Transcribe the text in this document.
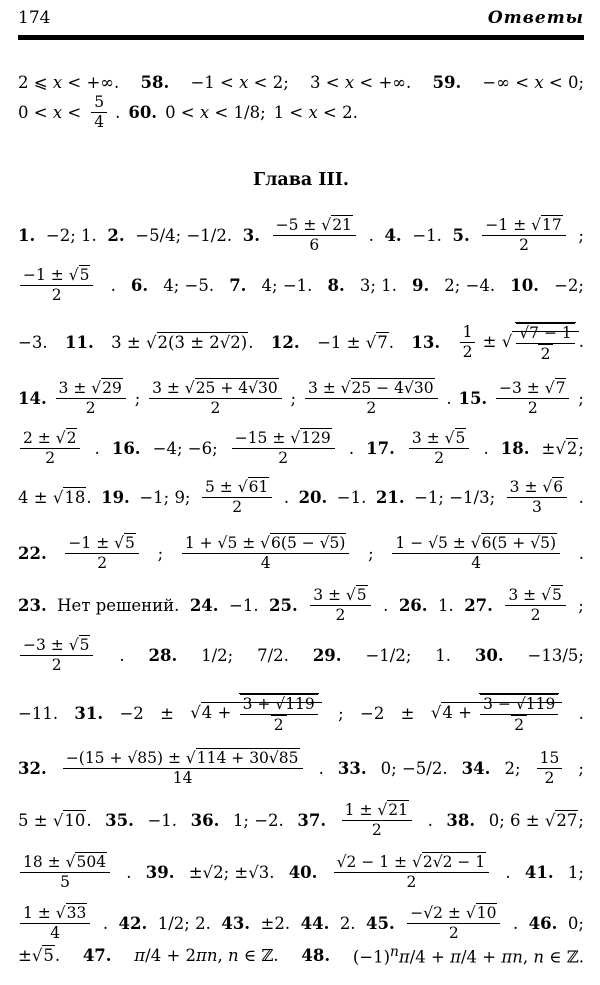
174	Ответы
2 ⩽ x < +∞. 58. −1 < x < 2; 3 < x < +∞. 59. −∞ < x < 0;
0 < x <
5
4
. 60. 0 < x < 1/8; 1 < x < 2.
Глава III.
1. −2; 1. 2. −5/4; −1/2. 3.
−5 ± √ 21
6
. 4. −1. 5.
−1 ± √ 17
2
;
−1 ± √ 5
2
. 6. 4; −5. 7. 4; −1. 8. 3; 1. 9. 2; −4. 10. −2;
−3. 11. 3 ± √ 2(3 ± 2√2). 12. −1 ± √ 7. 13. $\frac{1}{2}$ ± √ $\frac{√7 - 1}{2}$ .
14.
3 ± √ 29
2
;
3 ± √ 25 + 4√30
2
;
3 ± √ 25 − 4√30
2
. 15.
−3 ± √ 7
2
;
2 ± √ 2
2
. 16. −4; −6;
−15 ± √ 129
2
. 17.
3 ± √ 5
2
. 18. ± √ 2;
4 ± √ 18. 19. −1; 9;
5 ± √ 61
2
. 20. −1. 21. −1; −1/3;
3 ± √ 6
3
.
22.
−1 ± √ 5
2
;
1 + √5 ± √ 6(5 − √5)
4
;
1 − √5 ± √ 6(5 + √5)
4
.
23. Нет решений. 24. −1. 25.
3 ± √ 5
2
. 26. 1. 27.
3 ± √ 5
2
;
−3 ± √ 5
2
. 28. 1/2; 7/2. 29. −1/2; 1. 30. −13/5;
−11. 31. −2 ±	√ $4 + \frac{3 + √119}{2}$ ; −2 ±	√ $4 + \frac{3 - √119}{2}$ .
32.
−(15 + √85) ± √ 114 + 30√85
14
. 33. 0; −5/2. 34. 2;
15
2
;
5 ± √ 10. 35. −1. 36. 1; −2. 37.
1 ± √ 21
2
. 38. 0; 6 ± √ 27;
18 ± √ 504
5
. 39. ±√2; ±√3. 40.
√2 − 1 ± √ 2√2 − 1
2
. 41. 1;
1 ± √ 33
4
. 42. 1/2; 2. 43. ±2. 44. 2. 45.
−√2 ± √ 10
2
. 46. 0;
± √ 5. 47. π/4 + 2πn, n ∈ ℤ. 48. $(-1)^n\pi/4 + \pi/4 + \pi n$, n ∈ ℤ.
